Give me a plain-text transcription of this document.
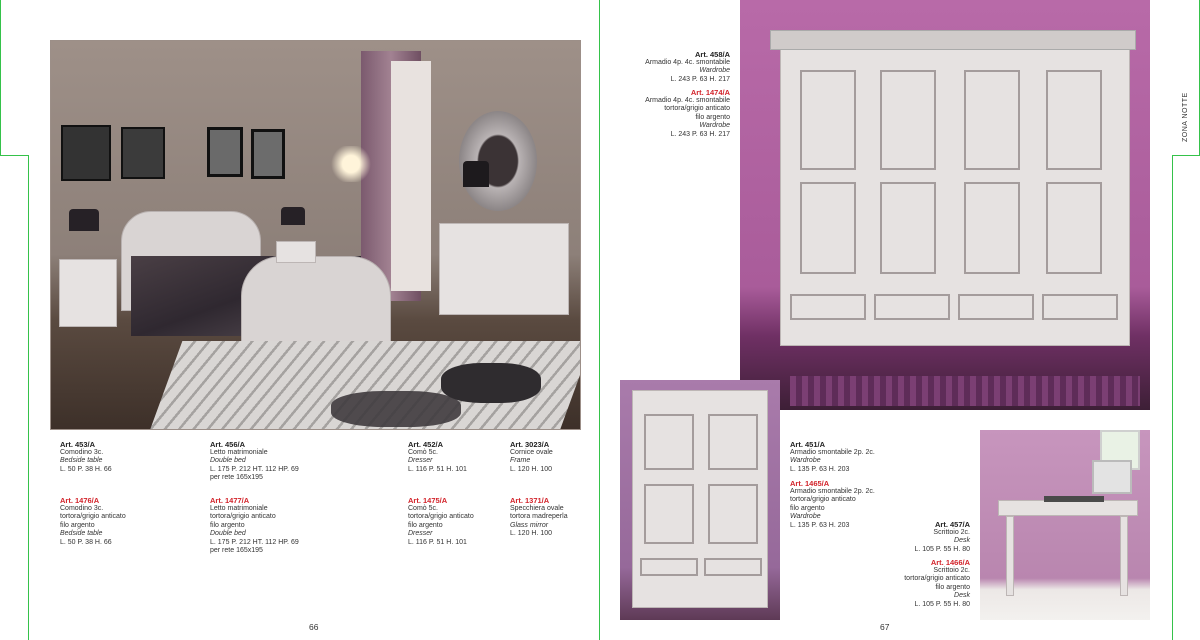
Art. 453/A
Comodino 3c.
Bedside table
L. 50 P. 38 H. 66
Art. 456/A
Letto matrimoniale
Double bed
L. 175 P. 212 HT. 112 HP. 69
per rete 165x195
Art. 452/A
Comò 5c.
Dresser
L. 116 P. 51 H. 101
Art. 3023/A
Cornice ovale
Frame
L. 120 H. 100
Art. 1476/A
Comodino 3c.
tortora/grigio anticato
filo argento
Bedside table
L. 50 P. 38 H. 66
Art. 1477/A
Letto matrimoniale
tortora/grigio anticato
filo argento
Double bed
L. 175 P. 212 HT. 112 HP. 69
per rete 165x195
Art. 1475/A
Comò 5c.
tortora/grigio anticato
filo argento
Dresser
L. 116 P. 51 H. 101
Art. 1371/A
Specchiera ovale
tortora madreperla
Glass mirror
L. 120 H. 100
66
Art. 458/A
Armadio 4p. 4c. smontabile
Wardrobe
L. 243 P. 63 H. 217
Art. 1474/A
Armadio 4p. 4c. smontabile
tortora/grigio anticato
filo argento
Wardrobe
L. 243 P. 63 H. 217
Art. 451/A
Armadio smontabile 2p. 2c.
Wardrobe
L. 135 P. 63 H. 203
Art. 1465/A
Armadio smontabile 2p. 2c.
tortora/grigio anticato
filo argento
Wardrobe
L. 135 P. 63 H. 203	Art. 457/A
Scrittoio 2c.
Desk
L. 105 P. 55 H. 80
Art. 1466/A
Scrittoio 2c.
tortora/grigio anticato
filo argento
Desk
L. 105 P. 55 H. 80
ZONA NOTTE
67
